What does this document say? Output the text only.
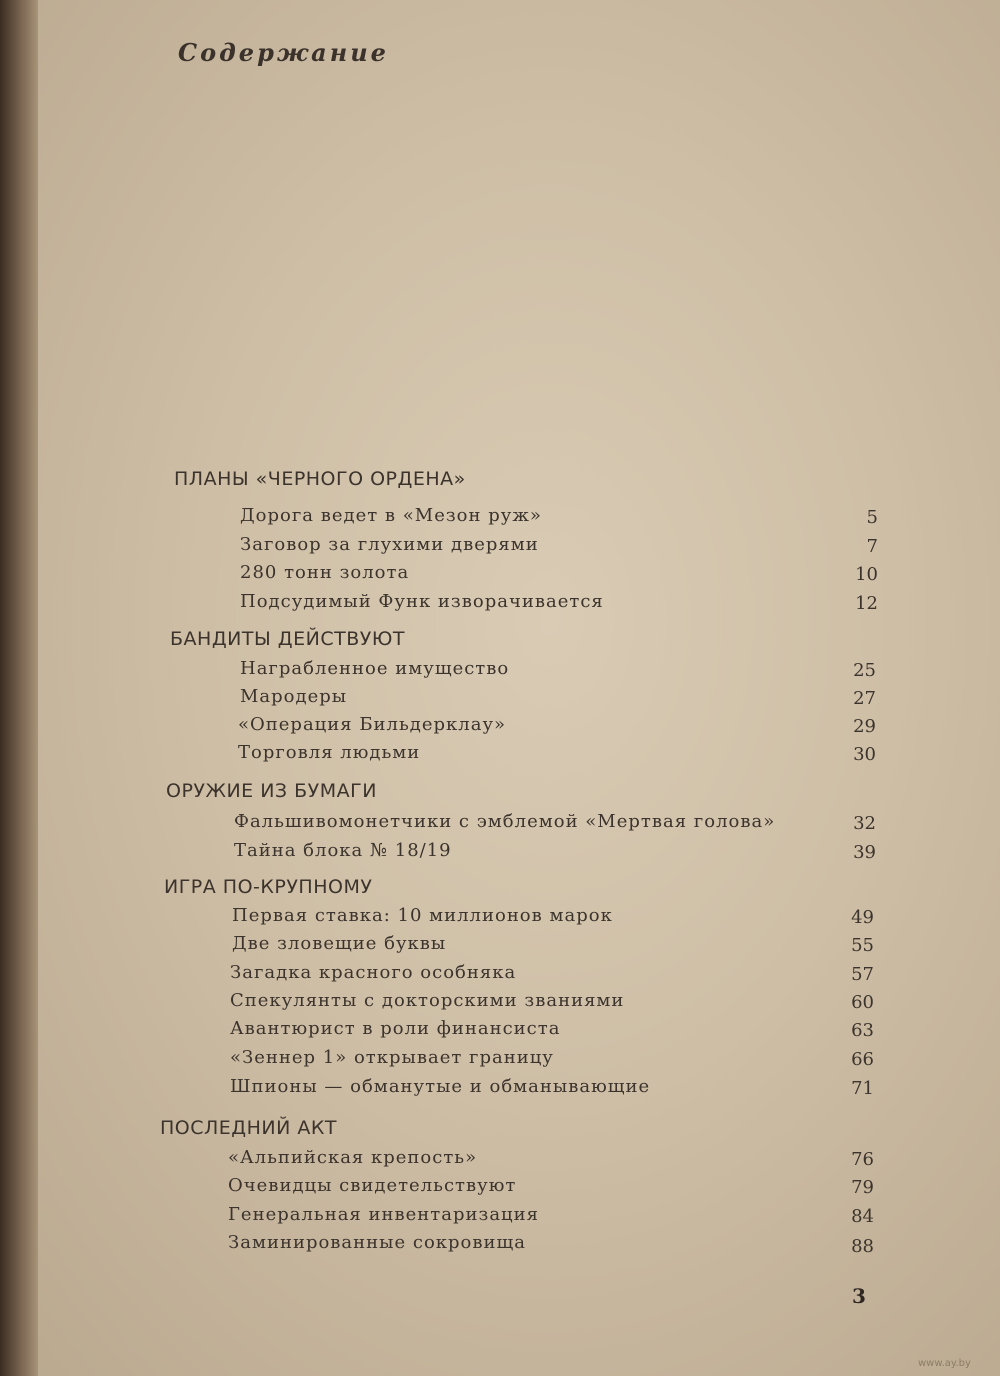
Содержание
ПЛАНЫ «ЧЕРНОГО ОРДЕНА»
Дорога ведет в «Мезон руж»	5
Заговор за глухими дверями	7
280 тонн золота	10
Подсудимый Функ изворачивается	12
БАНДИТЫ ДЕЙСТВУЮТ
Награбленное имущество	25
Мародеры	27
«Операция Бильдерклау»	29
Торговля людьми	30
ОРУЖИЕ ИЗ БУМАГИ
Фальшивомонетчики с эмблемой «Мертвая голова»	32
Тайна блока № 18/19	39
ИГРА ПО-КРУПНОМУ
Первая ставка: 10 миллионов марок	49
Две зловещие буквы	55
Загадка красного особняка	57
Спекулянты с докторскими званиями	60
Авантюрист в роли финансиста	63
«Зеннер 1» открывает границу	66
Шпионы — обманутые и обманывающие	71
ПОСЛЕДНИЙ АКТ
«Альпийская крепость»	76
Очевидцы свидетельствуют	79
Генеральная инвентаризация	84
Заминированные сокровища	88
3
www.ay.by
